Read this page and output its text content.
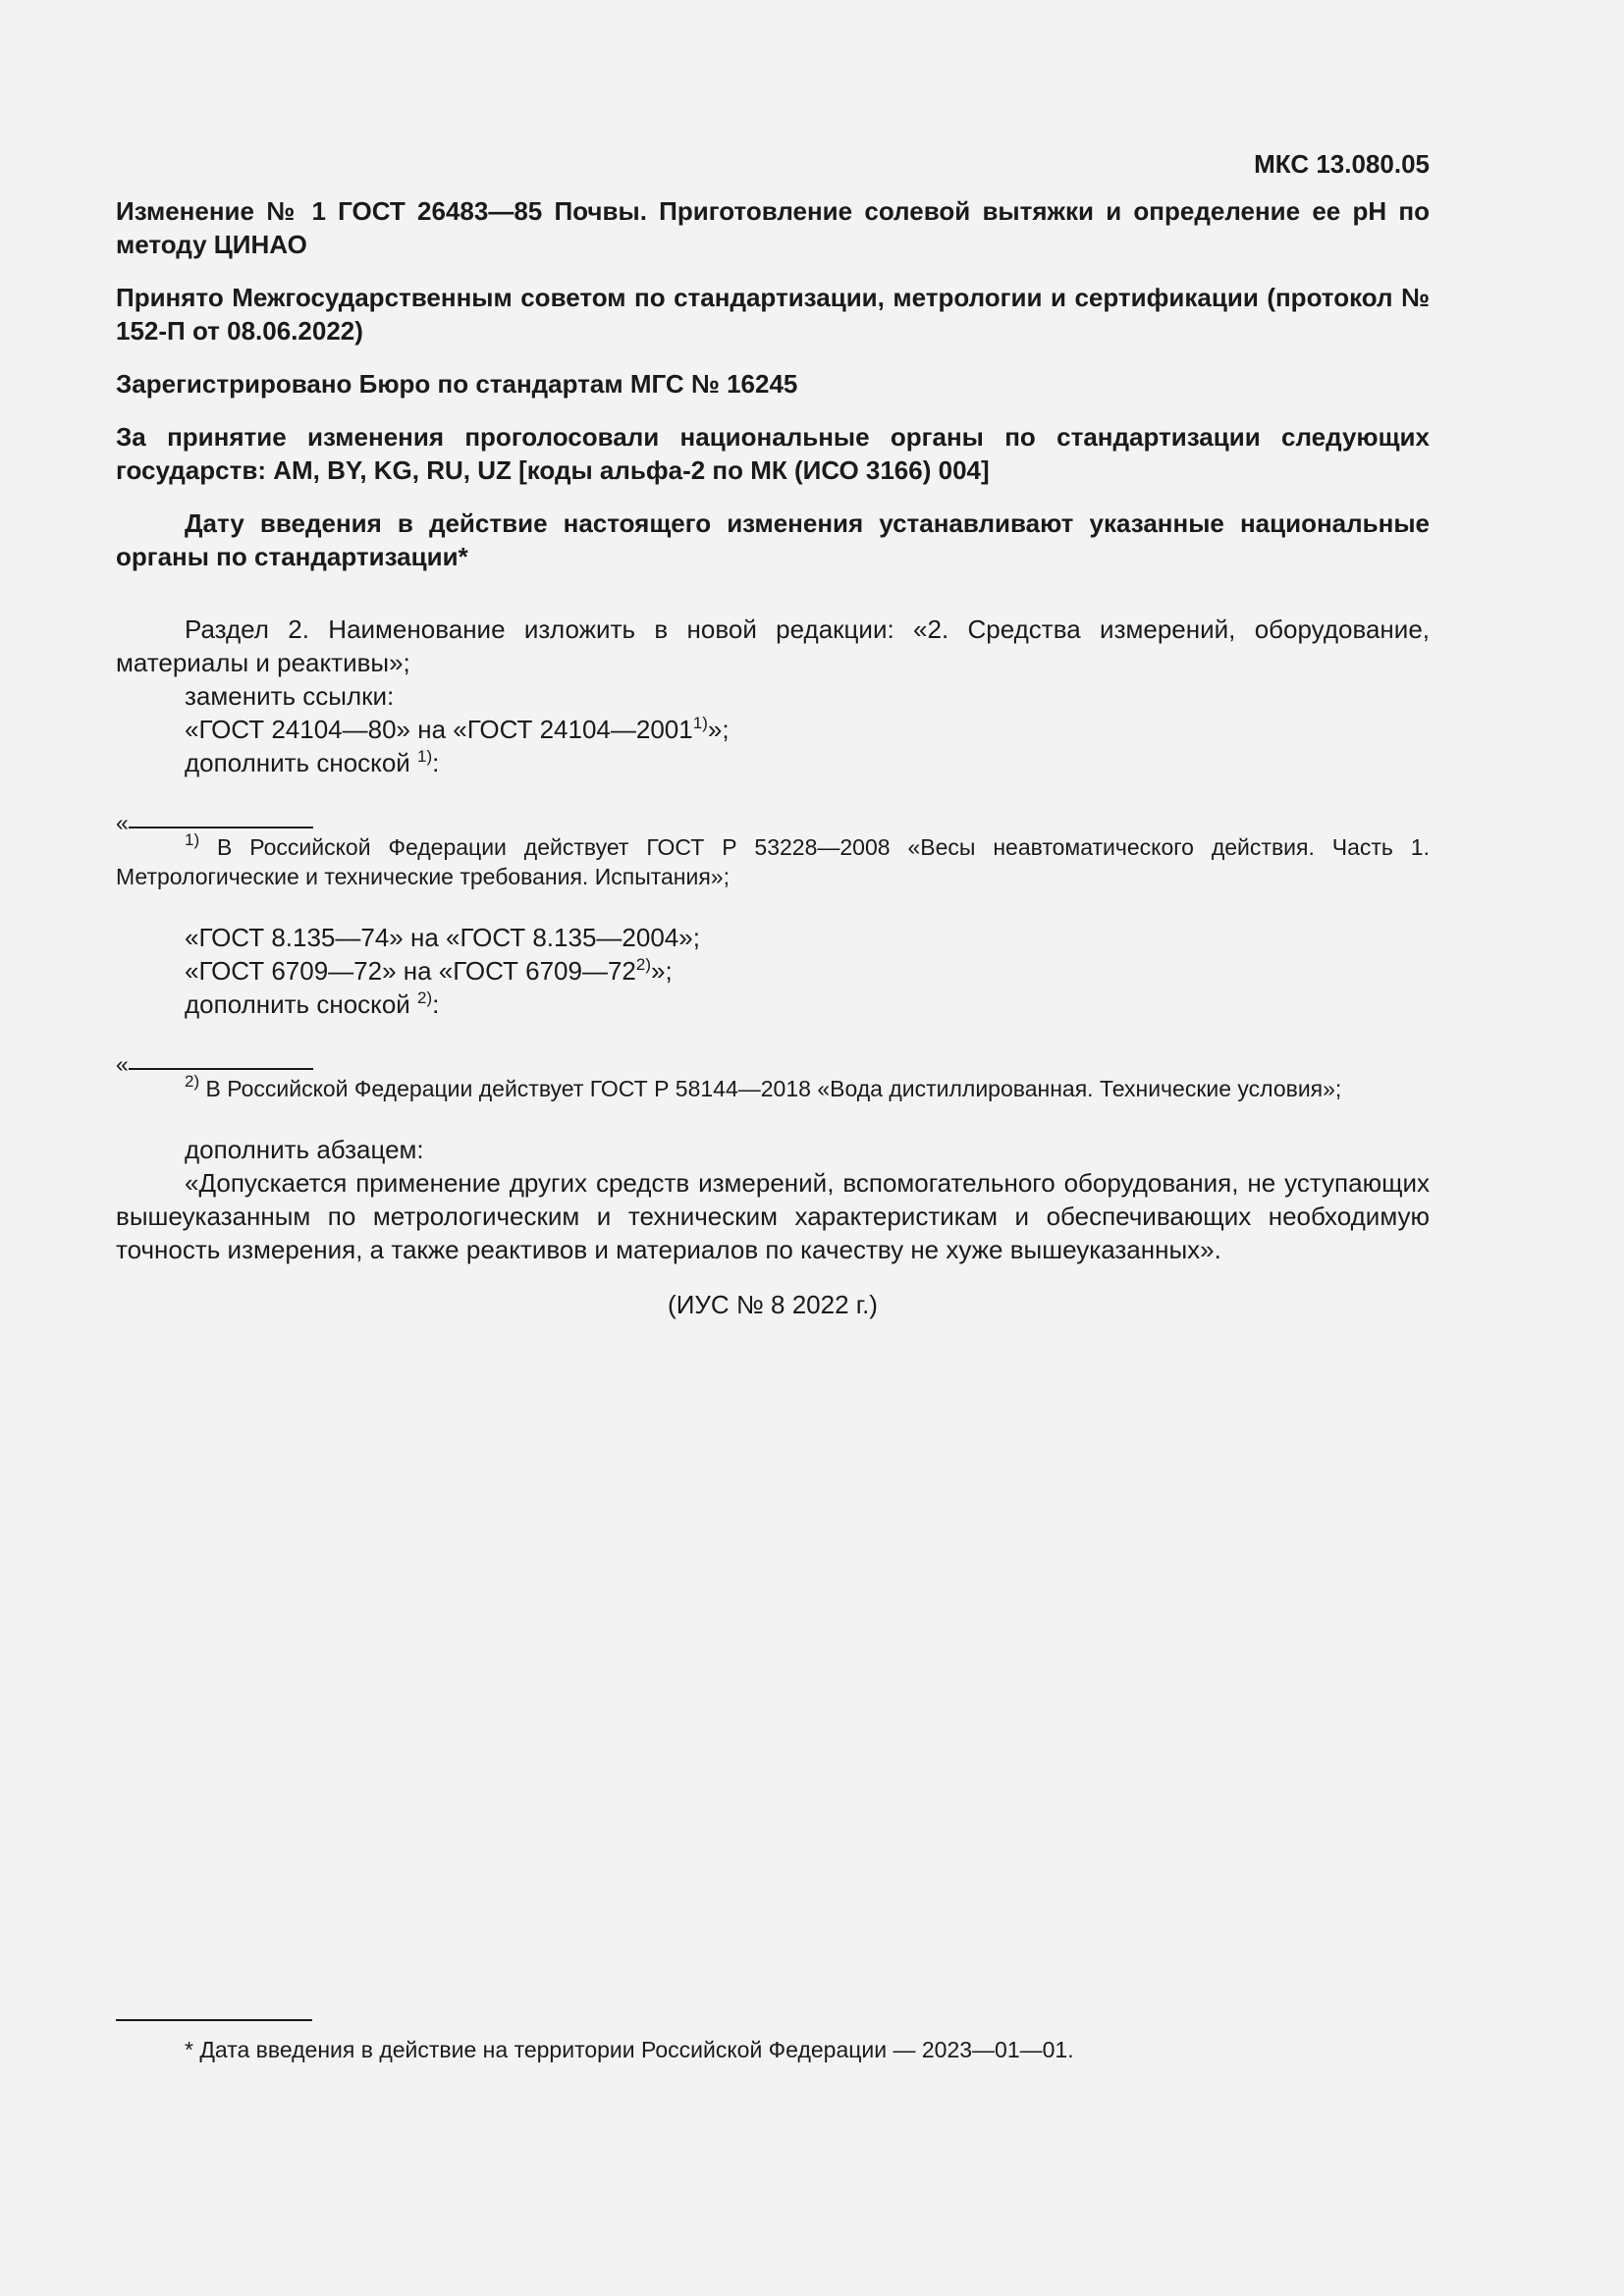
МКС 13.080.05

Изменение № 1 ГОСТ 26483—85 Почвы. Приготовление солевой вытяжки и определение ее pH по методу ЦИНАО

Принято Межгосударственным советом по стандартизации, метрологии и сертификации (протокол № 152-П от 08.06.2022)

Зарегистрировано Бюро по стандартам МГС № 16245

За принятие изменения проголосовали национальные органы по стандартизации следующих государств: AM, BY, KG, RU, UZ [коды альфа-2 по МК (ИСО 3166) 004]

Дату введения в действие настоящего изменения устанавливают указанные национальные органы по стандартизации*

Раздел 2. Наименование изложить в новой редакции: «2. Средства измерений, оборудование, материалы и реактивы»;

заменить ссылки:
«ГОСТ 24104—80» на «ГОСТ 24104—2001$^{1)}$»;
дополнить сноской $^{1)}$:
«

$^{1)}$ В Российской Федерации действует ГОСТ Р 53228—2008 «Весы неавтоматического действия. Часть 1. Метрологические и технические требования. Испытания»;

«ГОСТ 8.135—74» на «ГОСТ 8.135—2004»;
«ГОСТ 6709—72» на «ГОСТ 6709—72$^{2)}$»;
дополнить сноской $^{2)}$:
«

$^{2)}$ В Российской Федерации действует ГОСТ Р 58144—2018 «Вода дистиллированная. Технические условия»;

дополнить абзацем:

«Допускается применение других средств измерений, вспомогательного оборудования, не уступающих вышеуказанным по метрологическим и техническим характеристикам и обеспечивающих необходимую точность измерения, а также реактивов и материалов по качеству не хуже вышеуказанных».

(ИУС № 8 2022 г.)
* Дата введения в действие на территории Российской Федерации — 2023—01—01.
